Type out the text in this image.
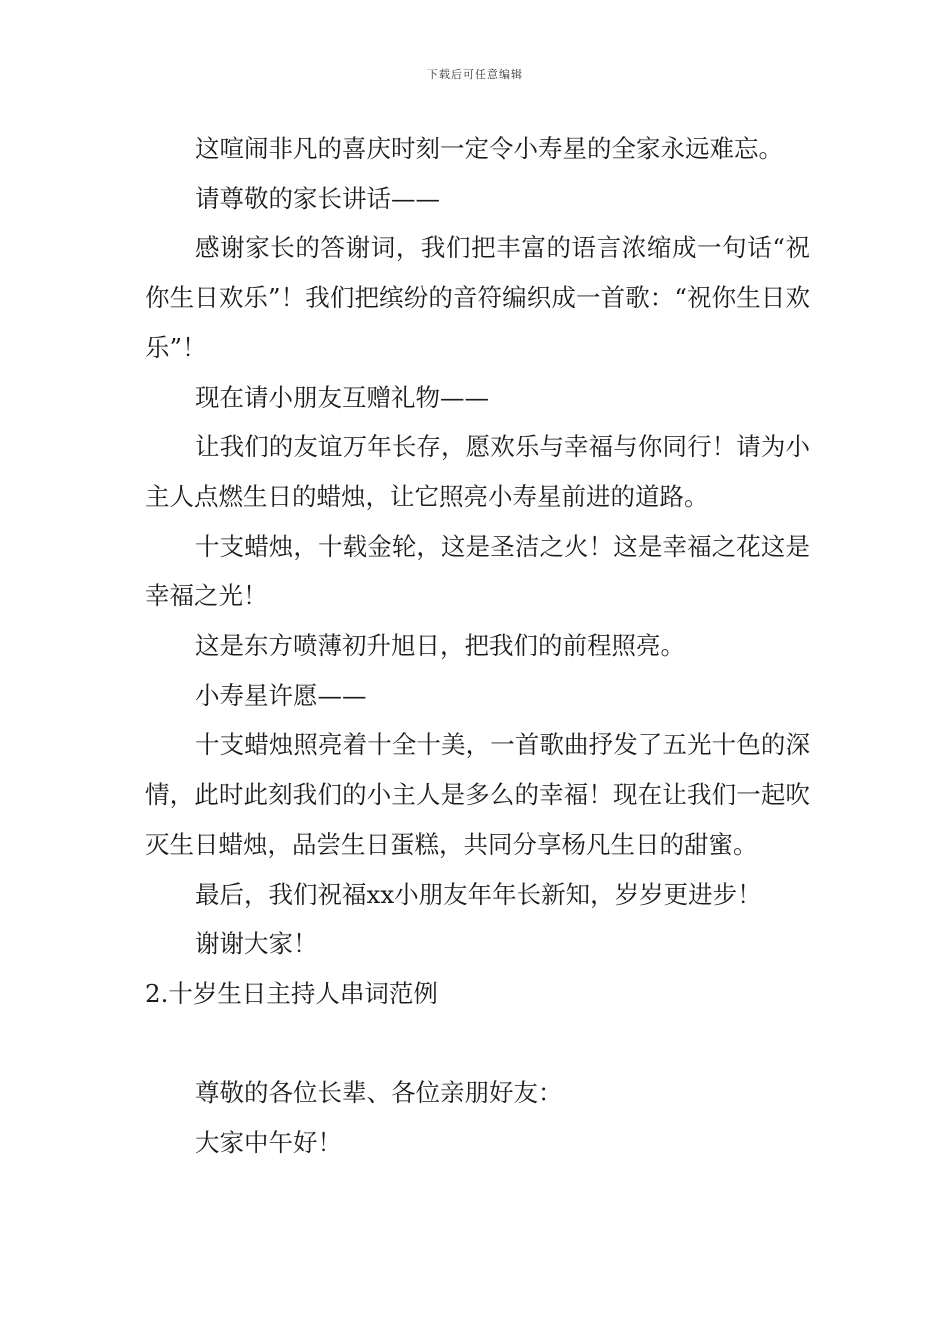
下载后可任意编辑

这喧闹非凡的喜庆时刻一定令小寿星的全家永远难忘。

请尊敬的家长讲话——

感谢家长的答谢词，我们把丰富的语言浓缩成一句话“祝你生日欢乐”！我们把缤纷的音符编织成一首歌：“祝你生日欢乐”！

现在请小朋友互赠礼物——

让我们的友谊万年长存，愿欢乐与幸福与你同行！请为小主人点燃生日的蜡烛，让它照亮小寿星前进的道路。

十支蜡烛，十载金轮，这是圣洁之火！这是幸福之花这是幸福之光！

这是东方喷薄初升旭日，把我们的前程照亮。

小寿星许愿——

十支蜡烛照亮着十全十美，一首歌曲抒发了五光十色的深情，此时此刻我们的小主人是多么的幸福！现在让我们一起吹灭生日蜡烛，品尝生日蛋糕，共同分享杨凡生日的甜蜜。

最后，我们祝福xx小朋友年年长新知，岁岁更进步！

谢谢大家！

2.十岁生日主持人串词范例

尊敬的各位长辈、各位亲朋好友：

大家中午好！
